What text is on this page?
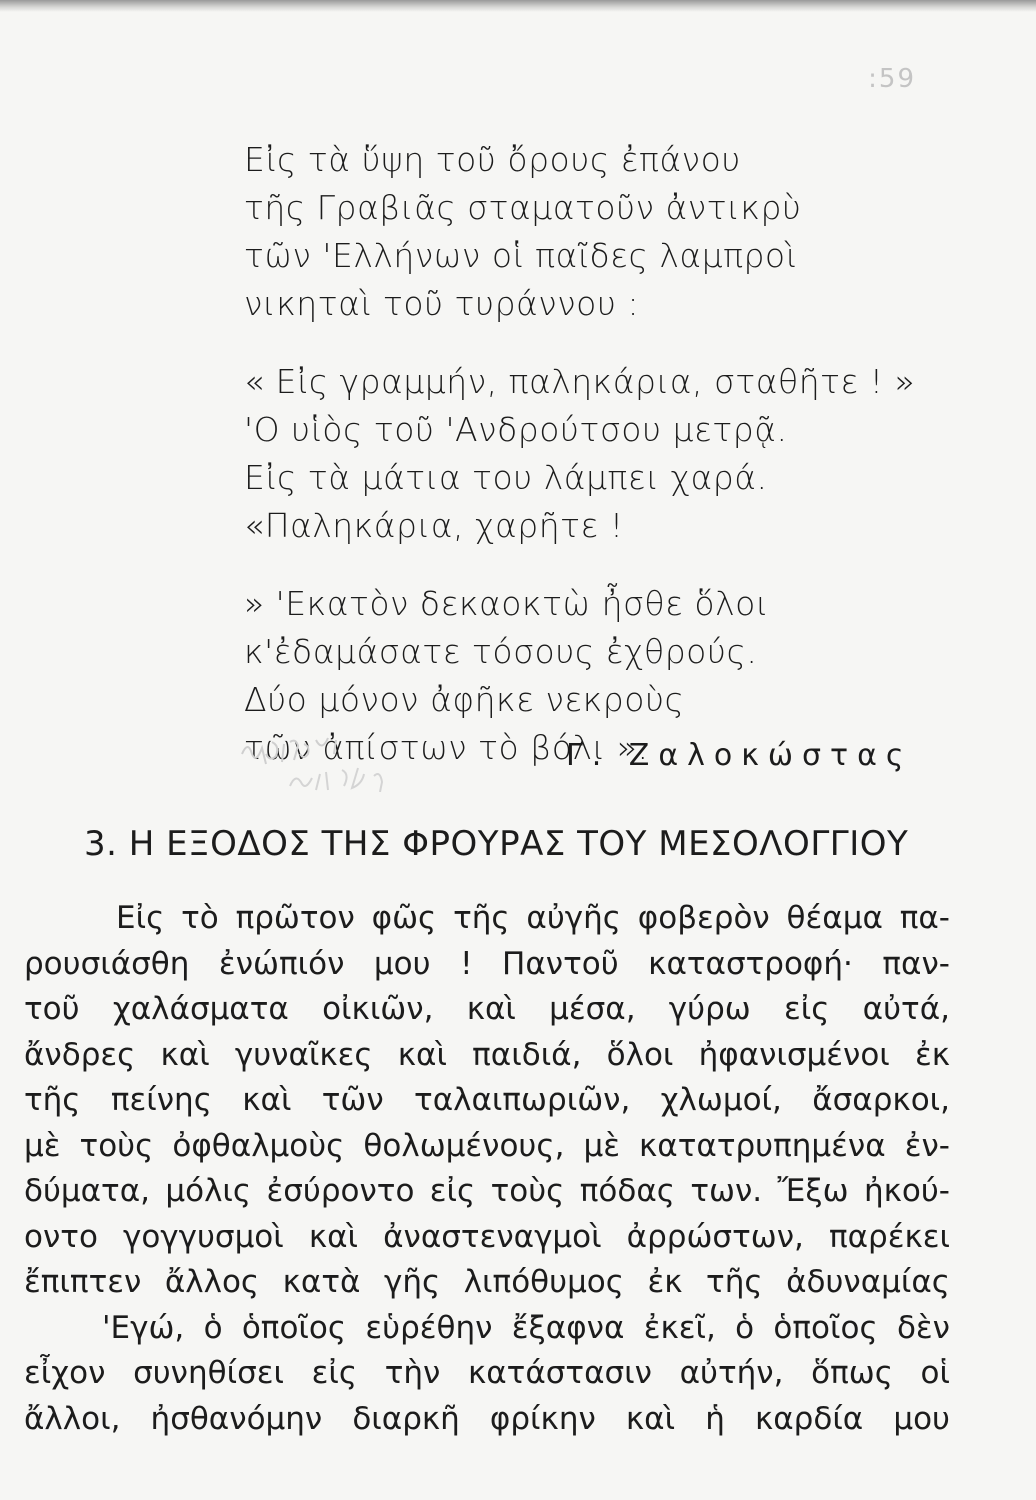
:59
Εἰς τὰ ὕψη τοῦ ὄρους ἐπάνου
τῆς Γραβιᾶς σταματοῦν ἀντικρὺ
τῶν 'Ελλήνων οἱ παῖδες λαμπροὶ
νικηταὶ τοῦ τυράννου :
« Εἰς γραμμήν, παληκάρια, σταθῆτε ! »
'Ο υἱὸς τοῦ 'Ανδρούτσου μετρᾷ.
Εἰς τὰ μάτια του λάμπει χαρά.
«Παληκάρια, χαρῆτε !
» 'Εκατὸν δεκαοκτὼ ἦσθε ὅλοι
κ'ἐδαμάσατε τόσους ἐχθρούς.
Δύο μόνον ἀφῆκε νεκροὺς
τῶν ἀπίστων τὸ βόλι ».
Γ. Ζαλοκώστας
3. Η ΕΞΟΔΟΣ ΤΗΣ ΦΡΟΥΡΑΣ ΤΟΥ ΜΕΣΟΛΟΓΓΙΟΥ
Εἰς τὸ πρῶτον φῶς τῆς αὐγῆς φοβερὸν θέαμα πα-
ρουσιάσθη ἐνώπιόν μου ! Παντοῦ καταστροφή· παν-
τοῦ χαλάσματα οἰκιῶν, καὶ μέσα, γύρω εἰς αὐτά,
ἄνδρες καὶ γυναῖκες καὶ παιδιά, ὅλοι ἠφανισμένοι ἐκ
τῆς πείνης καὶ τῶν ταλαιπωριῶν, χλωμοί, ἄσαρκοι,
μὲ τοὺς ὀφθαλμοὺς θολωμένους, μὲ κατατρυπημένα ἐν-
δύματα, μόλις ἐσύροντο εἰς τοὺς πόδας των. Ἔξω ἠκού-
οντο γογγυσμοὶ καὶ ἀναστεναγμοὶ ἀρρώστων, παρέκει
ἔπιπτεν ἄλλος κατὰ γῆς λιπόθυμος ἐκ τῆς ἀδυναμίας
'Εγώ, ὁ ὁποῖος εὑρέθην ἔξαφνα ἐκεῖ, ὁ ὁποῖος δὲν
εἶχον συνηθίσει εἰς τὴν κατάστασιν αὐτήν, ὅπως οἱ
ἄλλοι, ἠσθανόμην διαρκῆ φρίκην καὶ ἡ καρδία μου
